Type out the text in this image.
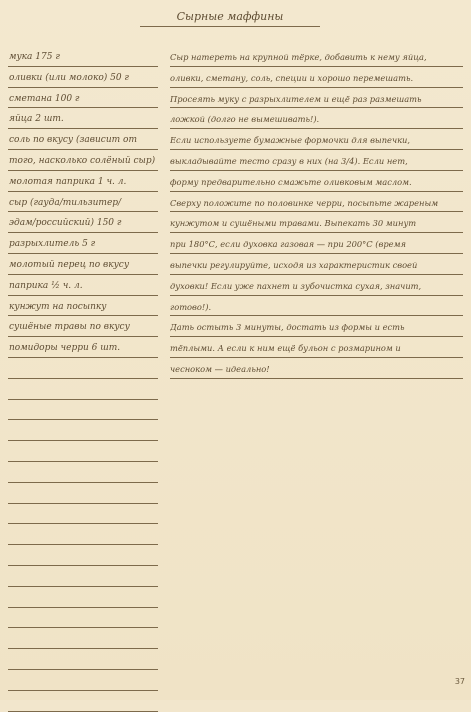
Сырные маффины
мука 175 г
оливки (или молоко) 50 г
сметана 100 г
яйца 2 шт.
соль по вкусу (зависит от
того, насколько солёный сыр)
молотая паприка 1 ч. л.
сыр (гауда/тильзитер/
эдам/российский) 150 г
разрыхлитель 5 г
молотый перец по вкусу
паприка ½ ч. л.
кунжут на посыпку
сушёные травы по вкусу
помидоры черри 6 шт.
Сыр натереть на крупной тёрке, добавить к нему яйца,
оливки, сметану, соль, специи и хорошо перемешать.
Просеять муку с разрыхлителем и ещё раз размешать
ложкой (долго не вымешивать!).
Если используете бумажные формочки для выпечки,
выкладывайте тесто сразу в них (на 3/4). Если нет,
форму предварительно смажьте оливковым маслом.
Сверху положите по половинке черри, посыпьте жареным
кунжутом и сушёными травами. Выпекать 30 минут
при 180°С, если духовка газовая — при 200°С (время
выпечки регулируйте, исходя из характеристик своей
духовки! Если уже пахнет и зубочистка сухая, значит,
готово!).
Дать остыть 3 минуты, достать из формы и есть
тёплыми. А если к ним ещё бульон с розмарином и
чесноком — идеально!
37
